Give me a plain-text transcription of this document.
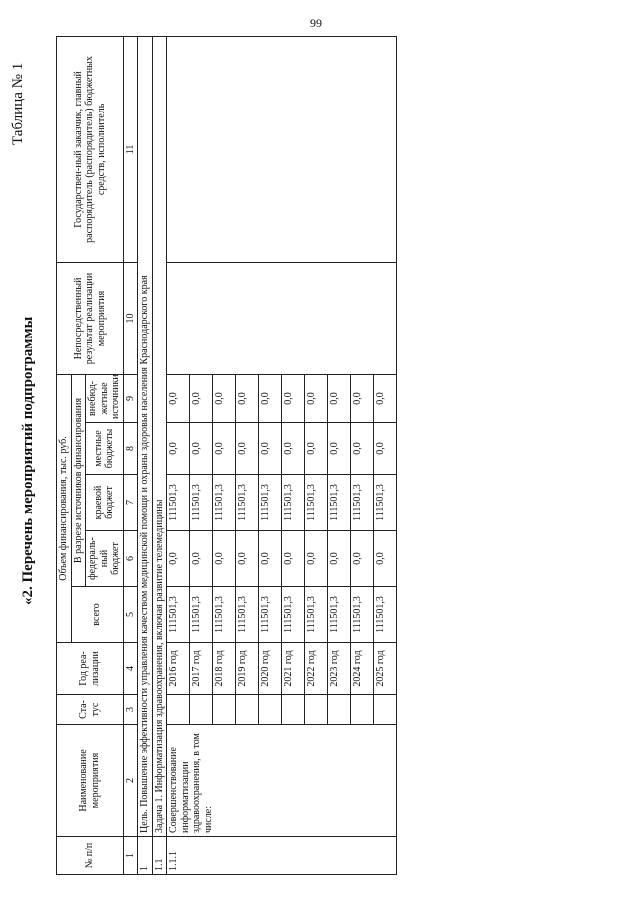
99
«2. Перечень мероприятий подпрограммы
Таблица № 1
№ п/п	Наименование мероприятия	Ста-тус	Год реа-лизации	Объем финансирования, тыс. руб.					Непосредственный результат реализации мероприятия	Государствен-ный заказчик, главный распорядитель (распорядитель) бюджетных средств, исполнитель
				всего	В разрезе источников финансирования					
					федераль-ный бюджет	краевой бюджет	местные бюджеты	внебюд-жетные источники		
1	2	3	4	5	6	7	8	9	10	11
1	Цель. Повышение эффективности управления качеством медицинской помощи и охраны здоровья населения Краснодарского края									
1.1	Задача 1. Информатизация здравоохранения, включая развитие телемедицины									
1.1.1	Совершенствование информатизации здравоохранения, в том числе:		2016 год	111501,3	0,0	111501,3	0,0	0,0		
			2017 год	111501,3	0,0	111501,3	0,0	0,0		
			2018 год	111501,3	0,0	111501,3	0,0	0,0		
			2019 год	111501,3	0,0	111501,3	0,0	0,0		
			2020 год	111501,3	0,0	111501,3	0,0	0,0		
			2021 год	111501,3	0,0	111501,3	0,0	0,0		
			2022 год	111501,3	0,0	111501,3	0,0	0,0		
			2023 год	111501,3	0,0	111501,3	0,0	0,0		
			2024 год	111501,3	0,0	111501,3	0,0	0,0		
			2025 год	111501,3	0,0	111501,3	0,0	0,0		
